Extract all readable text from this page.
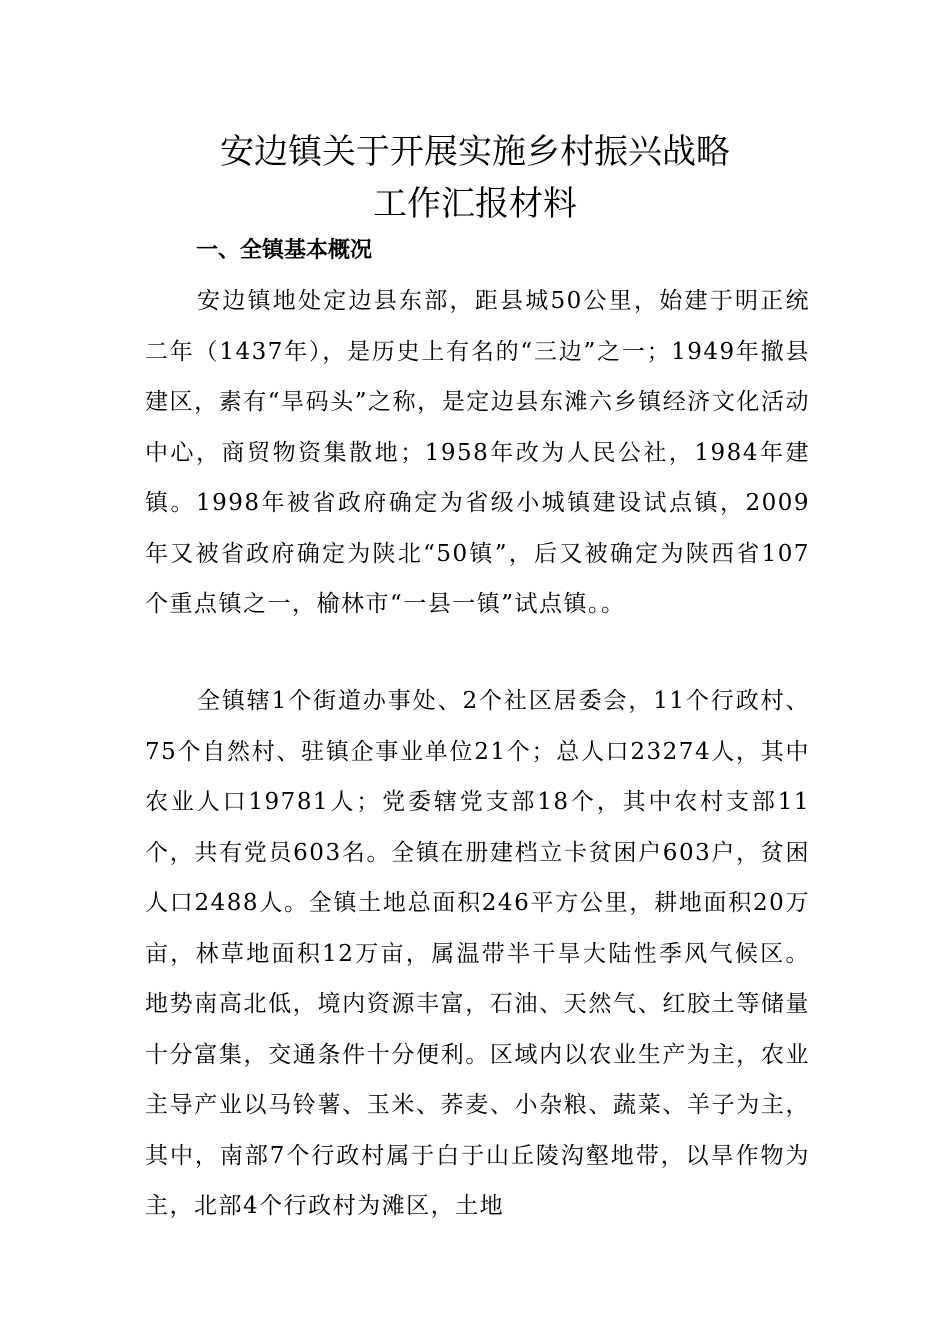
安边镇关于开展实施乡村振兴战略
工作汇报材料
一、全镇基本概况

安边镇地处定边县东部，距县城50公里，始建于明正统二年（1437年），是历史上有名的“三边”之一；1949年撤县建区，素有“旱码头”之称，是定边县东滩六乡镇经济文化活动中心，商贸物资集散地；1958年改为人民公社，1984年建镇。1998年被省政府确定为省级小城镇建设试点镇，2009年又被省政府确定为陕北“50镇”，后又被确定为陕西省107个重点镇之一，榆林市“一县一镇”试点镇。。

全镇辖1个街道办事处、2个社区居委会，11个行政村、75个自然村、驻镇企事业单位21个；总人口23274人，其中农业人口19781人；党委辖党支部18个，其中农村支部11个，共有党员603名。全镇在册建档立卡贫困户603户，贫困人口2488人。全镇土地总面积246平方公里，耕地面积20万亩，林草地面积12万亩，属温带半干旱大陆性季风气候区。地势南高北低，境内资源丰富，石油、天然气、红胶土等储量十分富集，交通条件十分便利。区域内以农业生产为主，农业主导产业以马铃薯、玉米、荞麦、小杂粮、蔬菜、羊子为主，其中，南部7个行政村属于白于山丘陵沟壑地带，以旱作物为主，北部4个行政村为滩区，土地
